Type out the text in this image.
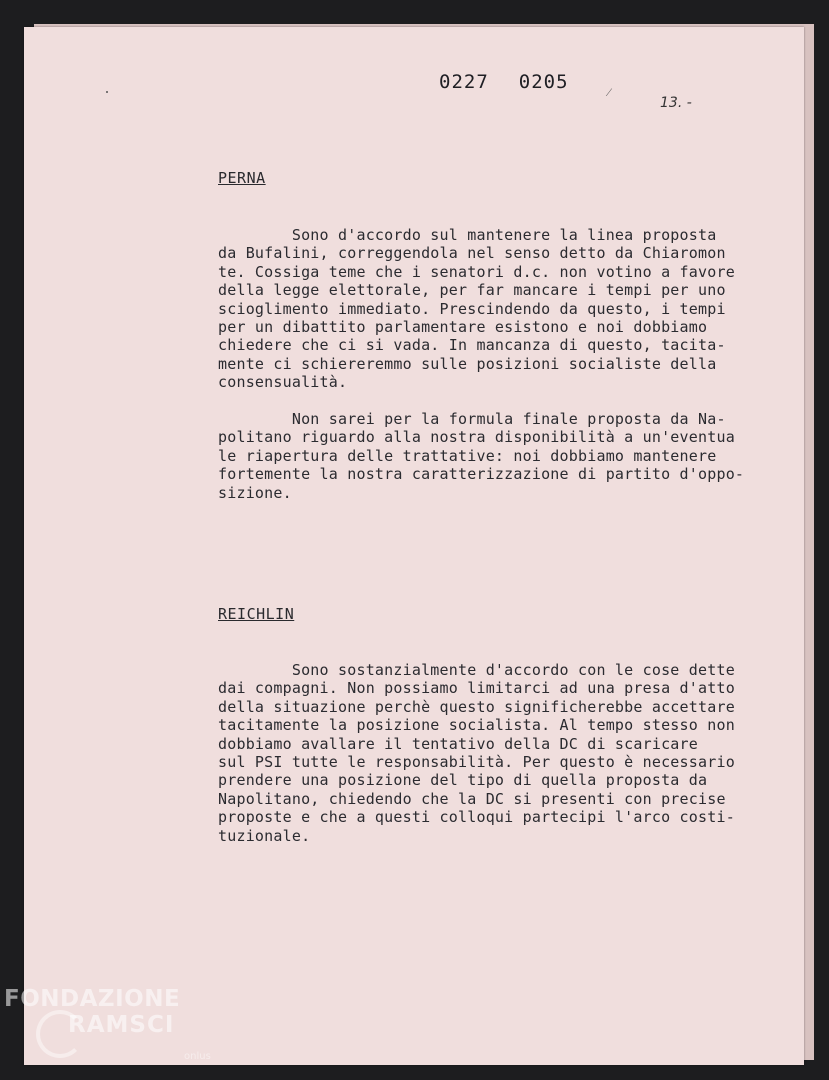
0227 0205	⁄
13. -
PERNA

Sono d'accordo sul mantenere la linea proposta
da Bufalini, correggendola nel senso detto da Chiaromon
te. Cossiga teme che i senatori d.c. non votino a favore
della legge elettorale, per far mancare i tempi per uno
scioglimento immediato. Prescindendo da questo, i tempi
per un dibattito parlamentare esistono e noi dobbiamo
chiedere che ci si vada. In mancanza di questo, tacita-
mente ci schiereremmo sulle posizioni socialiste della
consensualità.

Non sarei per la formula finale proposta da Na-
politano riguardo alla nostra disponibilità a un'eventua
le riapertura delle trattative: noi dobbiamo mantenere
fortemente la nostra caratterizzazione di partito d'oppo-
sizione.

REICHLIN

Sono sostanzialmente d'accordo con le cose dette
dai compagni. Non possiamo limitarci ad una presa d'atto
della situazione perchè questo significherebbe accettare
tacitamente la posizione socialista. Al tempo stesso non
dobbiamo avallare il tentativo della DC di scaricare
sul PSI tutte le responsabilità. Per questo è necessario
prendere una posizione del tipo di quella proposta da
Napolitano, chiedendo che la DC si presenti con precise
proposte e che a questi colloqui partecipi l'arco costi-
tuzionale.

FONDAZIONE
RAMSCI
onlus
